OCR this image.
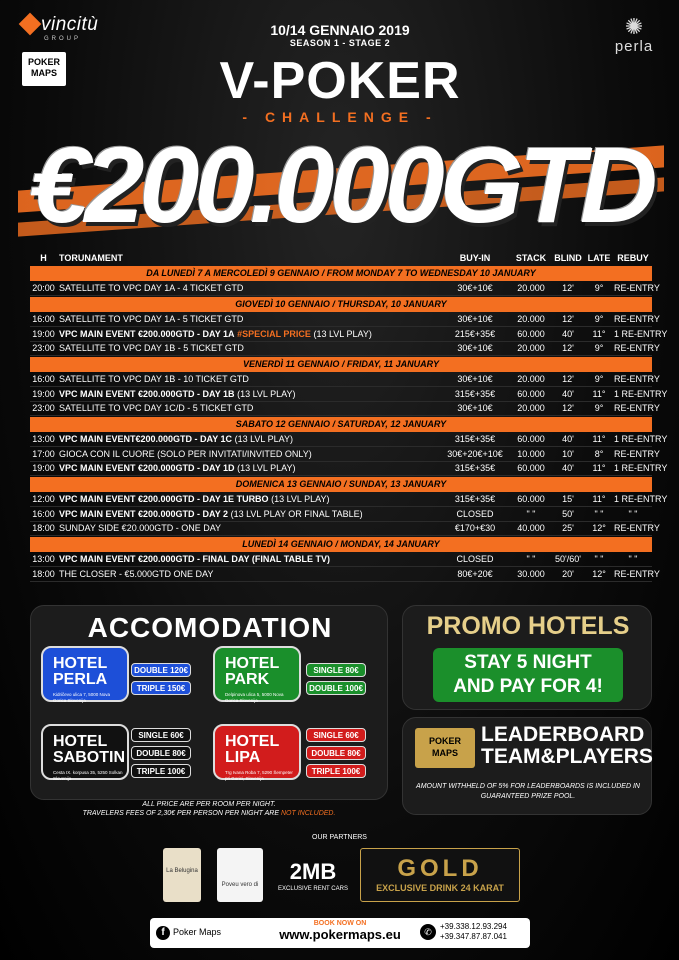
vincitù
GROUP
POKER MAPS
✺
perla
10/14 GENNAIO 2019
SEASON 1 - STAGE 2
V-POKER
- CHALLENGE -
€200.000GTD
H	TORUNAMENT	BUY-IN	STACK BLIND LATE REBUY
DA LUNEDÌ 7 A MERCOLEDÌ 9 GENNAIO / FROM MONDAY 7 TO WEDNESDAY 10 JANUARY
20:00 SATELLITE TO VPC DAY 1A - 4 TICKET GTD	30€+10€	20.000	12'	9°	RE-ENTRY
GIOVEDÌ 10 GENNAIO / THURSDAY, 10 JANUARY
16:00 SATELLITE TO VPC DAY 1A - 5 TICKET GTD	30€+10€	20.000	12'	9°	RE-ENTRY
19:00 VPC MAIN EVENT €200.000GTD - DAY 1A #SPECIAL PRICE (13 LVL PLAY)	215€+35€	60.000	40'	11° 1 RE-ENTRY
23:00 SATELLITE TO VPC DAY 1B - 5 TICKET GTD	30€+10€	20.000	12'	9°	RE-ENTRY
VENERDÌ 11 GENNAIO / FRIDAY, 11 JANUARY
16:00 SATELLITE TO VPC DAY 1B - 10 TICKET GTD	30€+10€	20.000	12'	9°	RE-ENTRY
19:00 VPC MAIN EVENT €200.000GTD - DAY 1B (13 LVL PLAY)	315€+35€	60.000	40'	11° 1 RE-ENTRY
23:00 SATELLITE TO VPC DAY 1C/D - 5 TICKET GTD	30€+10€	20.000	12'	9°	RE-ENTRY
SABATO 12 GENNAIO / SATURDAY, 12 JANUARY
13:00 VPC MAIN EVENT€200.000GTD - DAY 1C (13 LVL PLAY)	315€+35€	60.000	40'	11° 1 RE-ENTRY
17:00 GIOCA CON IL CUORE (SOLO PER INVITATI/INVITED ONLY)	30€+20€+10€	10.000	10'	8°	RE-ENTRY
19:00 VPC MAIN EVENT €200.000GTD - DAY 1D (13 LVL PLAY)	315€+35€	60.000	40'	11° 1 RE-ENTRY
DOMENICA 13 GENNAIO / SUNDAY, 13 JANUARY
12:00 VPC MAIN EVENT €200.000GTD - DAY 1E TURBO (13 LVL PLAY)	315€+35€	60.000	15'	11° 1 RE-ENTRY
16:00 VPC MAIN EVENT €200.000GTD - DAY 2 (13 LVL PLAY OR FINAL TABLE)	CLOSED	" "	50'	" "	" "
18:00 SUNDAY SIDE €20.000GTD - ONE DAY	€170+€30	40.000	25'	12° RE-ENTRY
LUNEDÌ 14 GENNAIO / MONDAY, 14 JANUARY
13:00 VPC MAIN EVENT €200.000GTD - FINAL DAY (FINAL TABLE TV)	CLOSED	" "	50'/60'	" "	" "
18:00 THE CLOSER - €5.000GTD ONE DAY	80€+20€	30.000	20'	12° RE-ENTRY
ACCOMODATION
HOTEL PERLA
Kidričevo ulica 7, 5000 Nova Gorica Slovenija
DOUBLE 120€
TRIPLE 150€
HOTEL PARK
Delpinova ulica 5, 5000 Nova Gorica Slovenija
SINGLE 80€
DOUBLE 100€
HOTEL SABOTIN
Cesta IX. korpusa 35, 5250 Solkan Slovenija
SINGLE 60€
DOUBLE 80€
TRIPLE 100€
HOTEL LIPA
Trg Ivana Roba 7, 5290 Šempeter pri Gorici, Slovenija
SINGLE 60€
DOUBLE 80€
TRIPLE 100€
ALL PRICE ARE PER ROOM PER NIGHT.
TRAVELERS FEES OF 2,30€ PER PERSON PER NIGHT ARE NOT INCLUDED.
PROMO HOTELS
STAY 5 NIGHT
AND PAY FOR 4!
POKER MAPS
LEADERBOARD
TEAM&PLAYERS
AMOUNT WITHHELD OF 5% FOR LEADERBOARDS IS INCLUDED IN GUARANTEED PRIZE POOL.
OUR PARTNERS
La Belugina
Poveu vero di
2MB
EXCLUSIVE RENT CARS
GOLD
EXCLUSIVE DRINK 24 KARAT
f Poker Maps
BOOK NOW ON
www.pokermaps.eu	✆
+39.338.12.93.294
+39.347.87.87.041
